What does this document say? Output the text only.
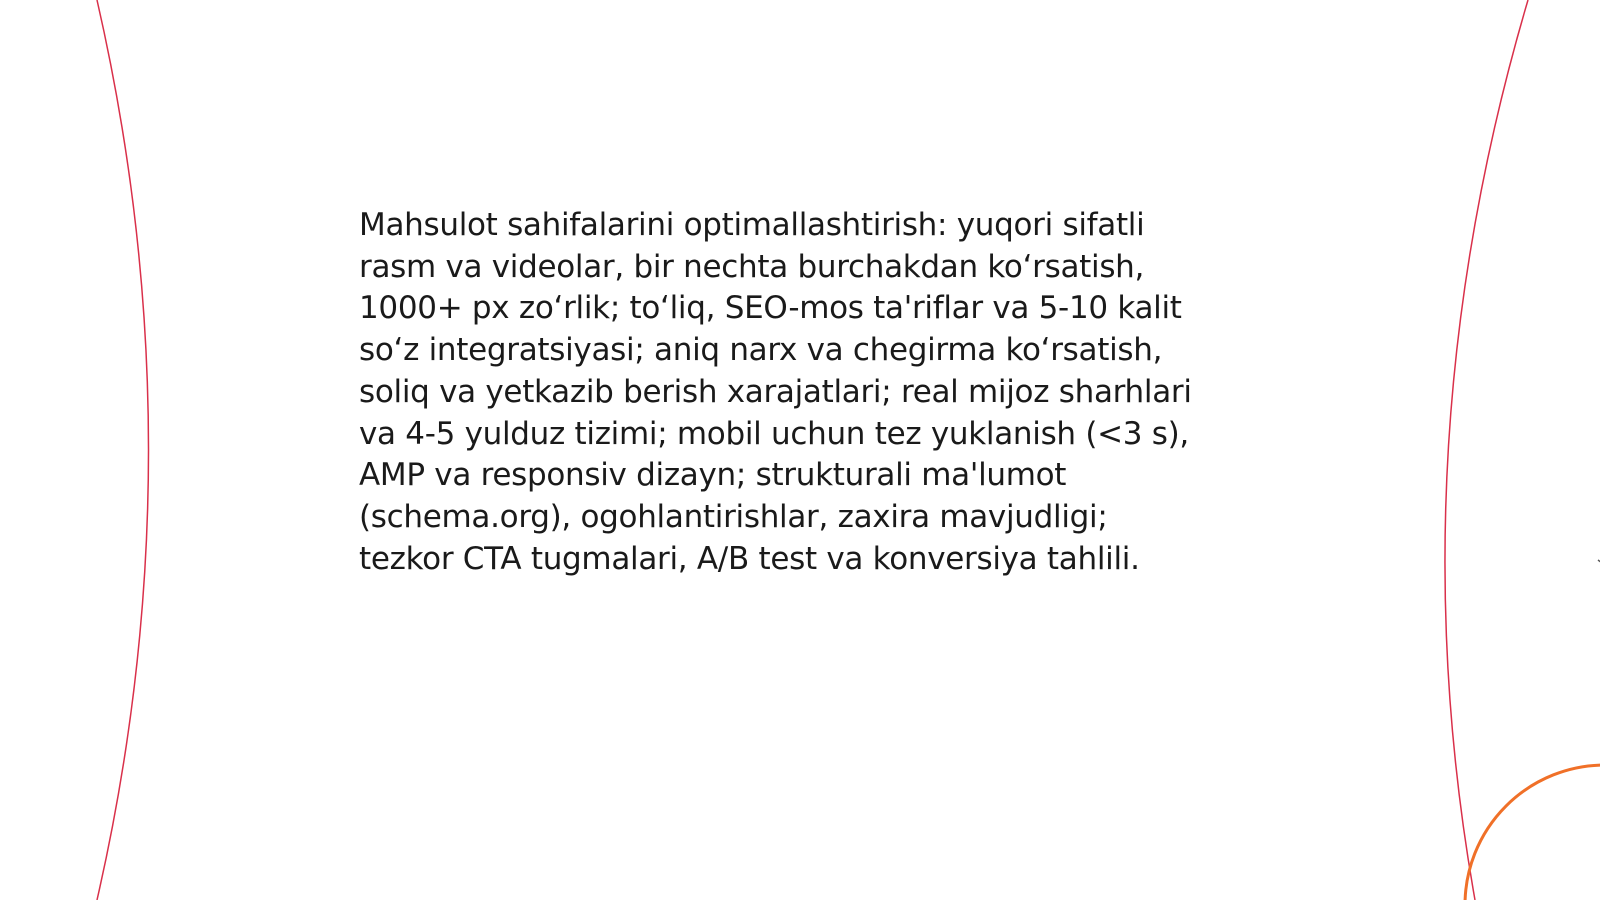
Mahsulot sahifalarini optimallashtirish: yuqori sifatli
rasm va videolar, bir nechta burchakdan ko‘rsatish,
1000+ px zo‘rlik; to‘liq, SEO-mos ta'riflar va 5-10 kalit
so‘z integratsiyasi; aniq narx va chegirma ko‘rsatish,
soliq va yetkazib berish xarajatlari; real mijoz sharhlari
va 4-5 yulduz tizimi; mobil uchun tez yuklanish (<3 s),
AMP va responsiv dizayn; strukturali ma'lumot
(schema.org), ogohlantirishlar, zaxira mavjudligi;
tezkor CTA tugmalari, A/B test va konversiya tahlili.
